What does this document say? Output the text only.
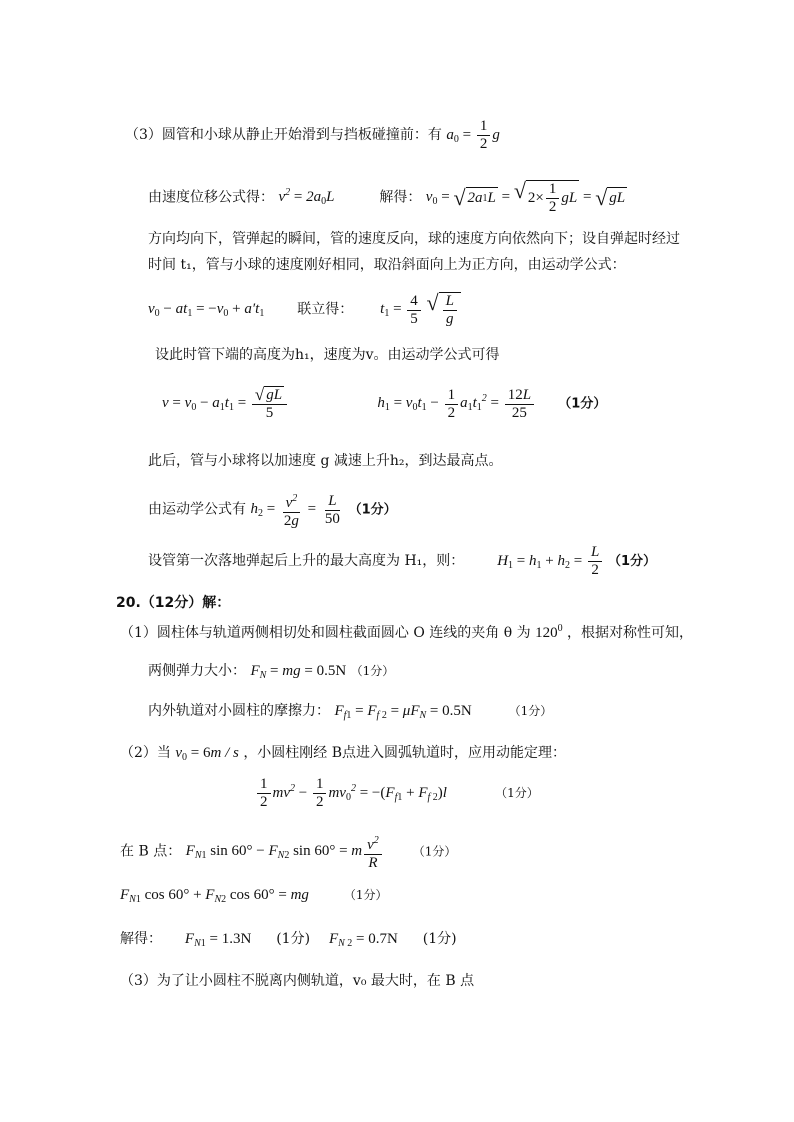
（3）圆管和小球从静止开始滑到与挡板碰撞前：有 $a_0 = \frac{1}{2}$ g
由速度位移公式得： $v^2 = 2a_0L$	解得： $v_0$ = √ 2a 1 L = √ $2\times \frac{1}{2}$ gL = √ gL
方向均向下，管弹起的瞬间，管的速度反向，球的速度方向依然向下；设自弹起时经过
时间 t₁，管与小球的速度刚好相同，取沿斜面向上为正方向，由运动学公式：
$v_0 - at_1 = -v_0 + a't_1$ 联立得： $t_1 = \frac{4}{5}$
√ $\frac{L}{g}$
设此时管下端的高度为h₁，速度为v。由运动学公式可得
$v = v_0 - a_1t_1 = \frac{√ gL}{5}$	$h_1 = v_0t_1 - \frac{1}{2} a_1t_1^2 = \frac{12L}{25} (1$分）
此后，管与小球将以加速度 g 减速上升h₂，到达最高点。
由运动学公式有 $h_2 = \frac{v^2}{2g} = \frac{L}{50} (1$分）
设管第一次落地弹起后上升的最大高度为 H₁，则： $H_1 = h_1 + h_2 = \frac{L}{2} (1$分）
20.（12分）解：
（1）圆柱体与轨道两侧相切处和圆柱截面圆心 O 连线的夹角 θ 为 $120^0$ ，根据对称性可知，
两侧弹力大小： $F_N$ = mg = 0.5N （1分）
内外轨道对小圆柱的摩擦力： $F_{f1} = F_{f 2} = \mu F_N = 0.5N$	（1分）
（2）当 $v_0 = 6m / s$ ，小圆柱刚经 B点进入圆弧轨道时，应用动能定理：
$\frac{1}{2} mv^2 - \frac{1}{2} mv_0^2 = -(F_{f1} + F_{f 2})l$	（1分）
在 B 点： $F_{N1}$ $\sin 60^\circ - F_{N2}$ sin 60° = m $\frac{v^2}{R}$	（1分）
$F_{N1}$ $\cos 60^\circ + F_{N2}$ cos 60° = mg	（1分）
解得： $F_{N1} = 1.3N$ (1分) $F_{N 2} = 0.7N$ (1分)
（3）为了让小圆柱不脱离内侧轨道，v₀ 最大时，在 B 点
